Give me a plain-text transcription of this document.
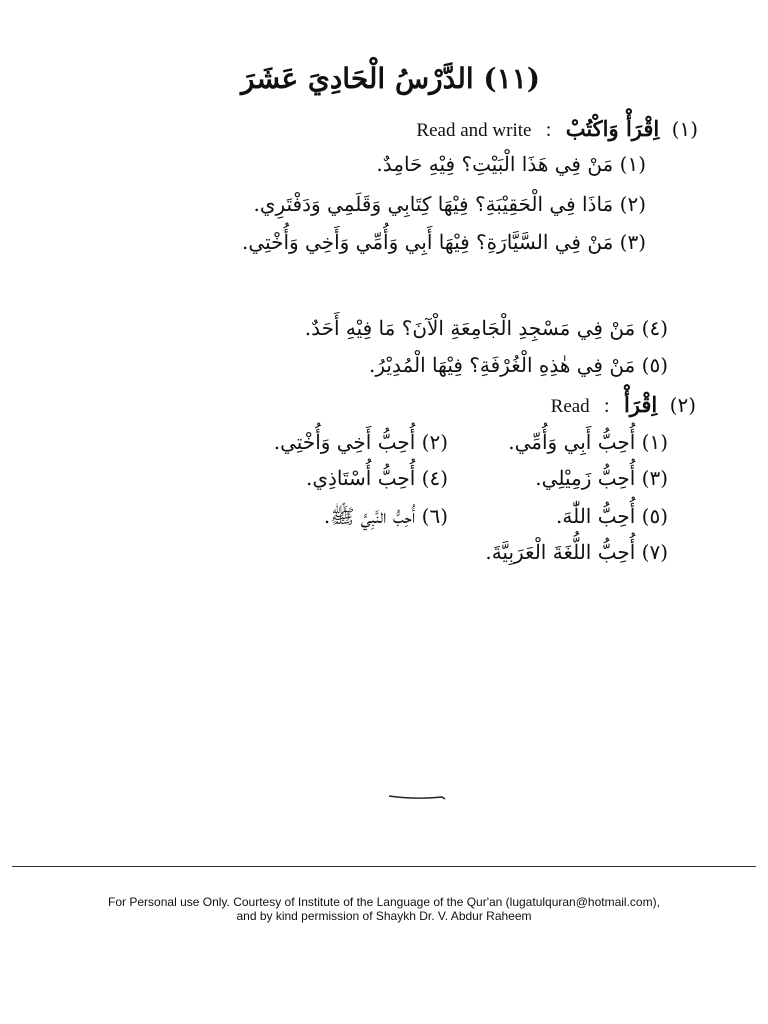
(١١) الدَّرْسُ الْحَادِيَ عَشَرَ
(١) اِقْرَأْ وَاكْتُبْ : Read and write
(١) مَنْ فِي هَذَا الْبَيْتِ؟ فِيْهِ حَامِدٌ.
(٢) مَاذَا فِي الْحَقِيْبَةِ؟ فِيْهَا كِتَابِي وَقَلَمِي وَدَفْتَرِي.
(٣) مَنْ فِي السَّيَّارَةِ؟ فِيْهَا أَبِي وَأُمِّي وَأَخِي وَأُخْتِي.
(٤) مَنْ فِي مَسْجِدِ الْجَامِعَةِ الْآنَ؟ مَا فِيْهِ أَحَدٌ.
(٥) مَنْ فِي هٰذِهِ الْغُرْفَةِ؟ فِيْهَا الْمُدِيْرُ.
(٢) اِقْرَأْ : Read
(١) أُحِبُّ أَبِي وَأُمِّي.
(٢) أُحِبُّ أَخِي وَأُخْتِي.
(٣) أُحِبُّ زَمِيْلِي.
(٤) أُحِبُّ أُسْتَاذِي.
(٥) أُحِبُّ اللّٰهَ.
(٦) أُحِبُّ النَّبِيَّ ﷺ.
(٧) أُحِبُّ اللُّغَةَ الْعَرَبِيَّةَ.
For Personal use Only. Courtesy of Institute of the Language of the Qur'an (lugatulquran@hotmail.com),
and by kind permission of Shaykh Dr. V. Abdur Raheem
